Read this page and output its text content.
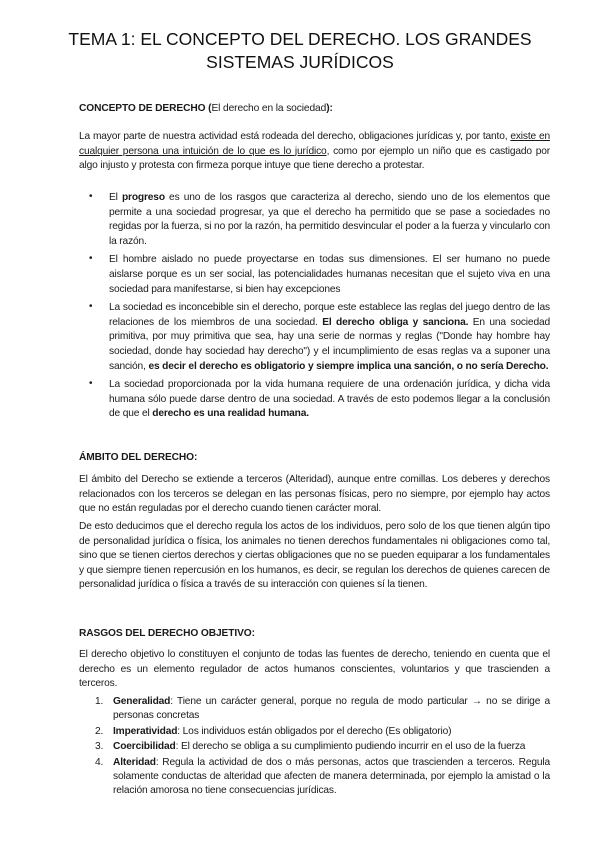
TEMA 1: EL CONCEPTO DEL DERECHO. LOS GRANDES
SISTEMAS JURÍDICOS
CONCEPTO DE DERECHO (El derecho en la sociedad):

La mayor parte de nuestra actividad está rodeada del derecho, obligaciones jurídicas y, por tanto, existe en cualquier persona una intuición de lo que es lo jurídico, como por ejemplo un niño que es castigado por algo injusto y protesta con firmeza porque intuye que tiene derecho a protestar.

• El progreso es uno de los rasgos que caracteriza al derecho, siendo uno de los elementos que permite a una sociedad progresar, ya que el derecho ha permitido que se pase a sociedades no regidas por la fuerza, si no por la razón, ha permitido desvincular el poder a la fuerza y vincularlo con la razón.
• El hombre aislado no puede proyectarse en todas sus dimensiones. El ser humano no puede aislarse porque es un ser social, las potencialidades humanas necesitan que el sujeto viva en una sociedad para manifestarse, si bien hay excepciones
• La sociedad es inconcebible sin el derecho, porque este establece las reglas del juego dentro de las relaciones de los miembros de una sociedad. El derecho obliga y sanciona. En una sociedad primitiva, por muy primitiva que sea, hay una serie de normas y reglas ("Donde hay hombre hay sociedad, donde hay sociedad hay derecho") y el incumplimiento de esas reglas va a suponer una sanción, es decir el derecho es obligatorio y siempre implica una sanción, o no sería Derecho.
• La sociedad proporcionada por la vida humana requiere de una ordenación jurídica, y dicha vida humana sólo puede darse dentro de una sociedad. A través de esto podemos llegar a la conclusión de que el derecho es una realidad humana.
ÁMBITO DEL DERECHO:

El ámbito del Derecho se extiende a terceros (Alteridad), aunque entre comillas. Los deberes y derechos relacionados con los terceros se delegan en las personas físicas, pero no siempre, por ejemplo hay actos que no están reguladas por el derecho cuando tienen carácter moral.

De esto deducimos que el derecho regula los actos de los individuos, pero solo de los que tienen algún tipo de personalidad jurídica o física, los animales no tienen derechos fundamentales ni obligaciones como tal, sino que se tienen ciertos derechos y ciertas obligaciones que no se pueden equiparar a los fundamentales y que siempre tienen repercusión en los humanos, es decir, se regulan los derechos de quienes carecen de personalidad jurídica o física a través de su interacción con quienes sí la tienen.

RASGOS DEL DERECHO OBJETIVO:

El derecho objetivo lo constituyen el conjunto de todas las fuentes de derecho, teniendo en cuenta que el derecho es un elemento regulador de actos humanos conscientes, voluntarios y que trascienden a terceros.

1. Generalidad: Tiene un carácter general, porque no regula de modo particular → no se dirige a personas concretas
2. Imperatividad: Los individuos están obligados por el derecho (Es obligatorio)
3. Coercibilidad: El derecho se obliga a su cumplimiento pudiendo incurrir en el uso de la fuerza
4. Alteridad: Regula la actividad de dos o más personas, actos que trascienden a terceros. Regula solamente conductas de alteridad que afecten de manera determinada, por ejemplo la amistad o la relación amorosa no tiene consecuencias jurídicas.
